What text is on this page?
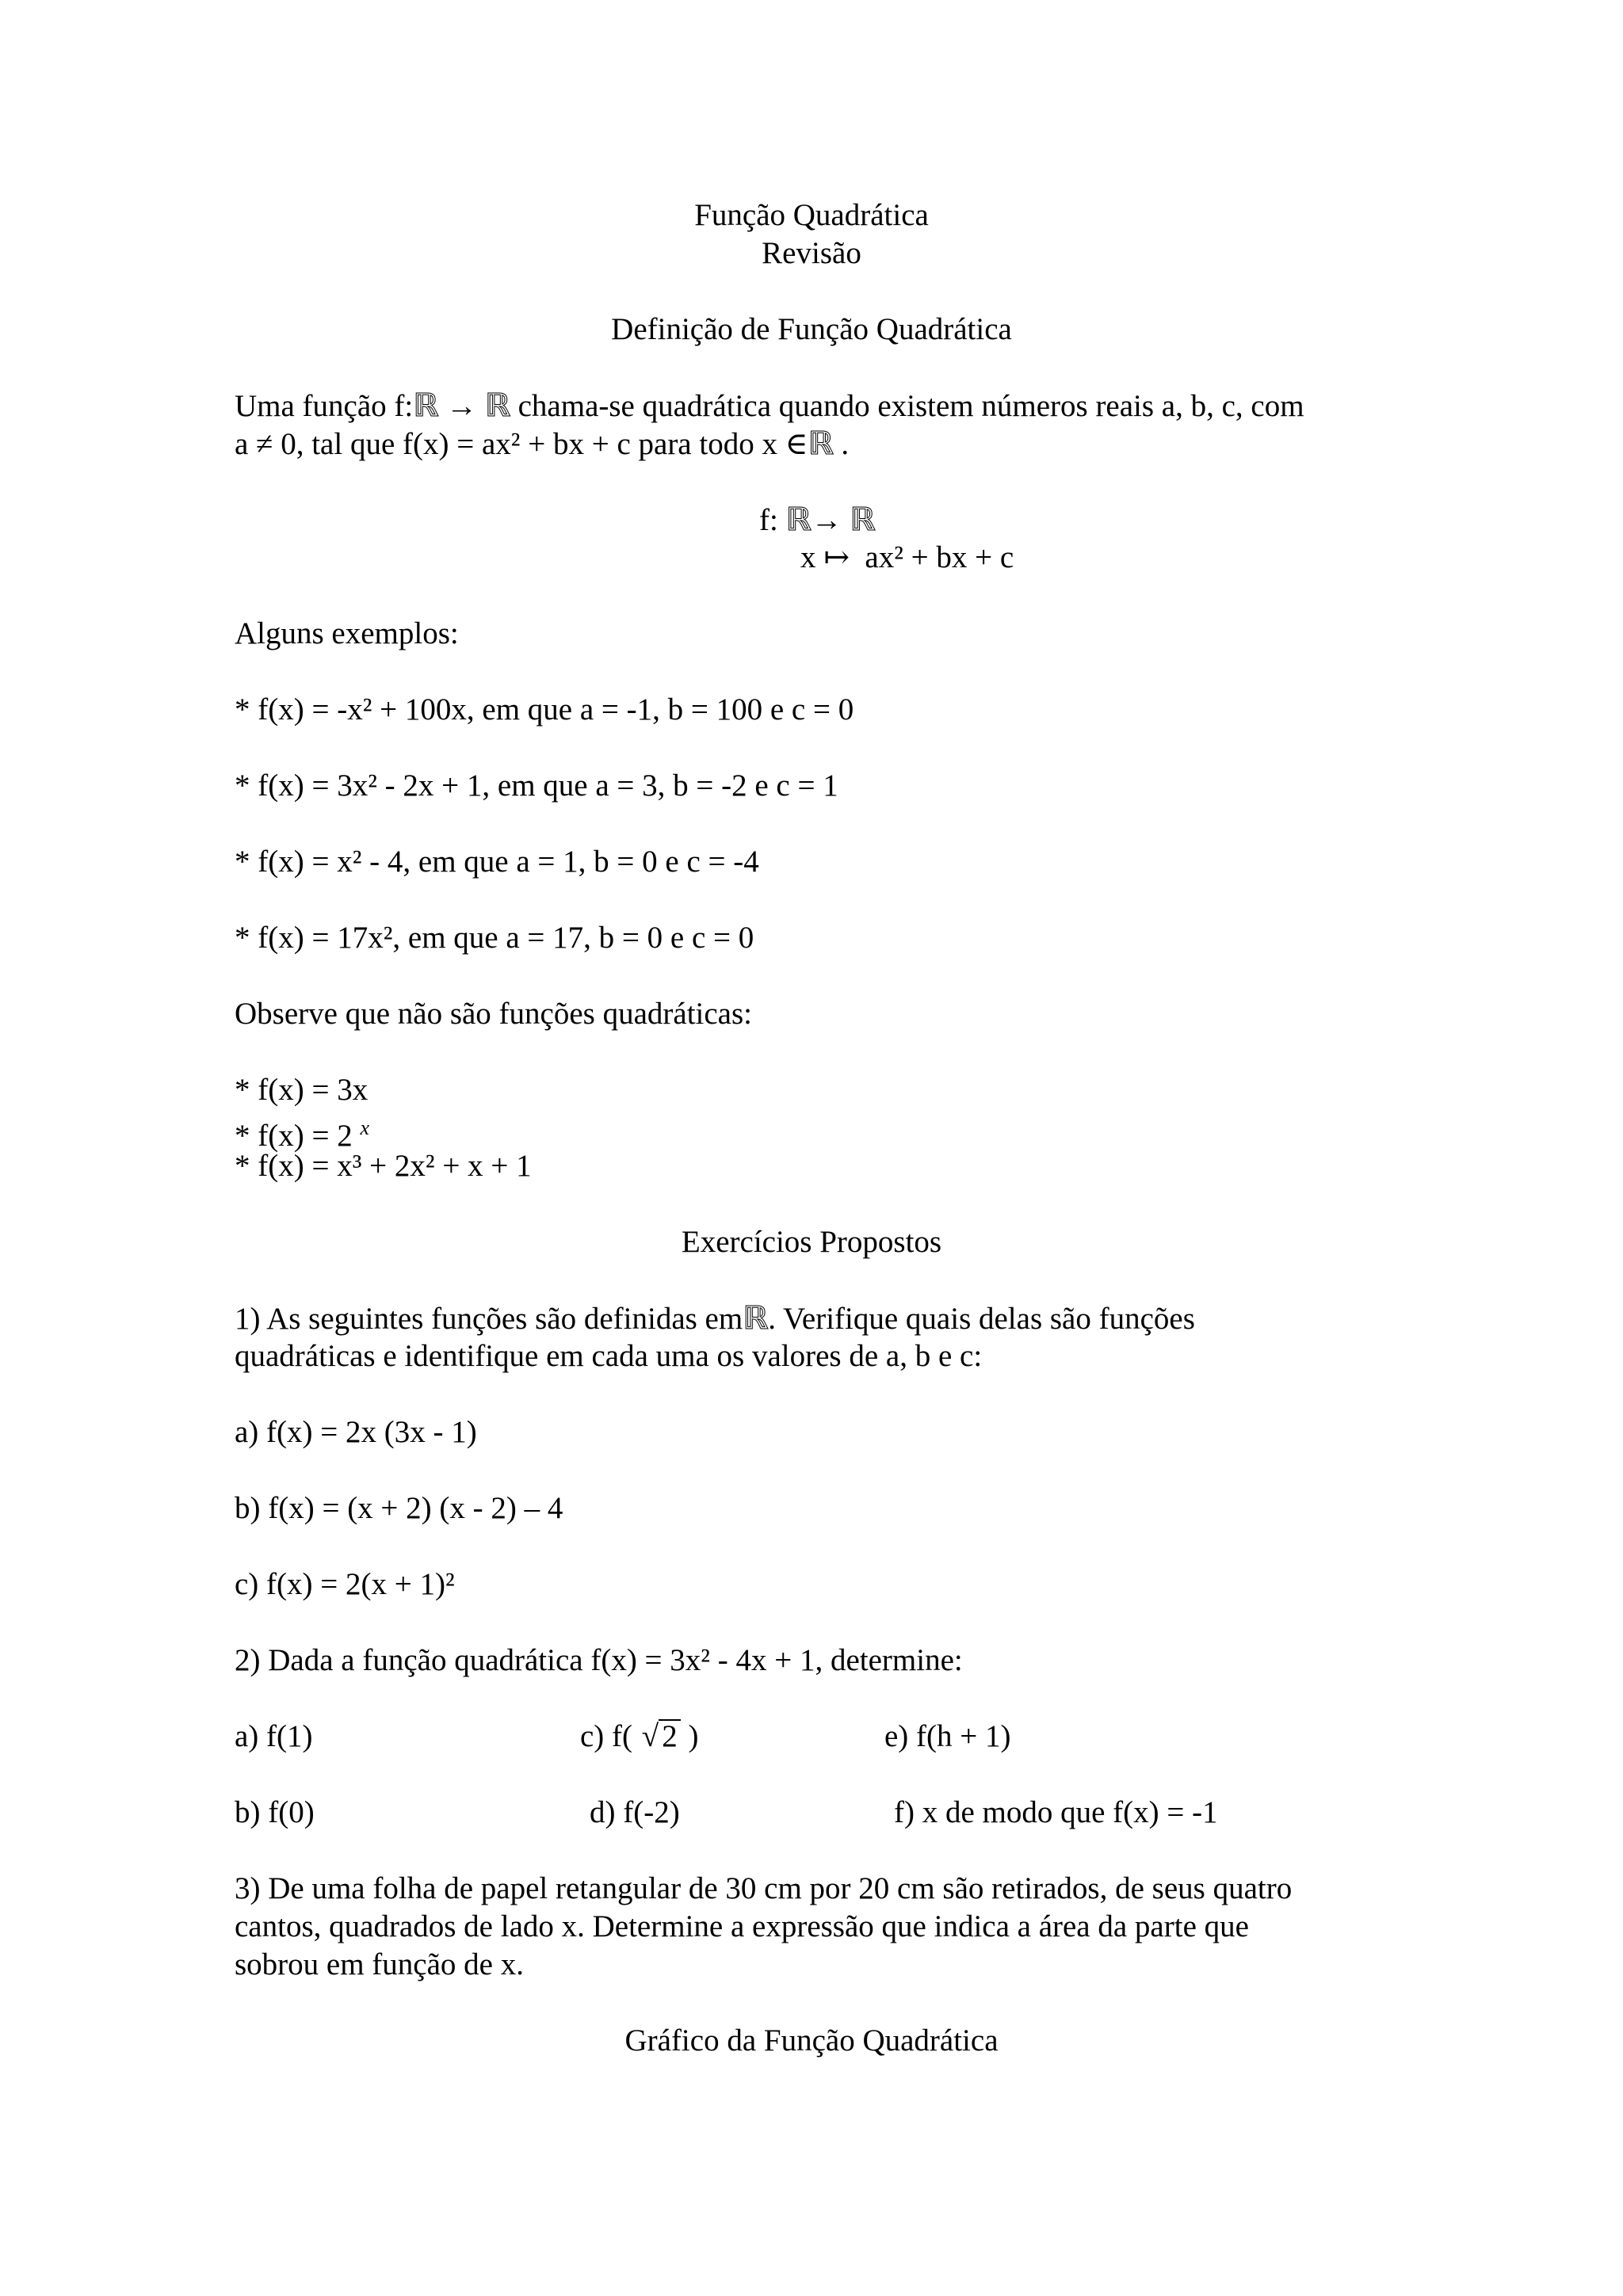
Função Quadrática
Revisão
Definição de Função Quadrática
Uma função f:ℝ → ℝ chama-se quadrática quando existem números reais a, b, c, com
a ≠ 0, tal que f(x) = ax² + bx + c para todo x ∈ℝ .
f: ℝ→ ℝ
x ↦  ax² + bx + c
Alguns exemplos:
* f(x) = -x² + 100x, em que a = -1, b = 100 e c = 0
* f(x) = 3x² - 2x + 1, em que a = 3, b = -2 e c = 1
* f(x) = x² - 4, em que a = 1, b = 0 e c = -4
* f(x) = 17x², em que a = 17, b = 0 e c = 0
Observe que não são funções quadráticas:
* f(x) = 3x
* f(x) = 2 $^x$
* f(x) = x³ + 2x² + x + 1
Exercícios Propostos
1) As seguintes funções são definidas emℝ. Verifique quais delas são funções
quadráticas e identifique em cada uma os valores de a, b e c:
a) f(x) = 2x (3x - 1)
b) f(x) = (x + 2) (x - 2) – 4
c) f(x) = 2(x + 1)²
2) Dada a função quadrática f(x) = 3x² - 4x + 1, determine:
a) f(1)	c) f( √ 2 )	e) f(h + 1)
b) f(0)	d) f(-2)	f) x de modo que f(x) = -1
3) De uma folha de papel retangular de 30 cm por 20 cm são retirados, de seus quatro
cantos, quadrados de lado x. Determine a expressão que indica a área da parte que
sobrou em função de x.
Gráfico da Função Quadrática
